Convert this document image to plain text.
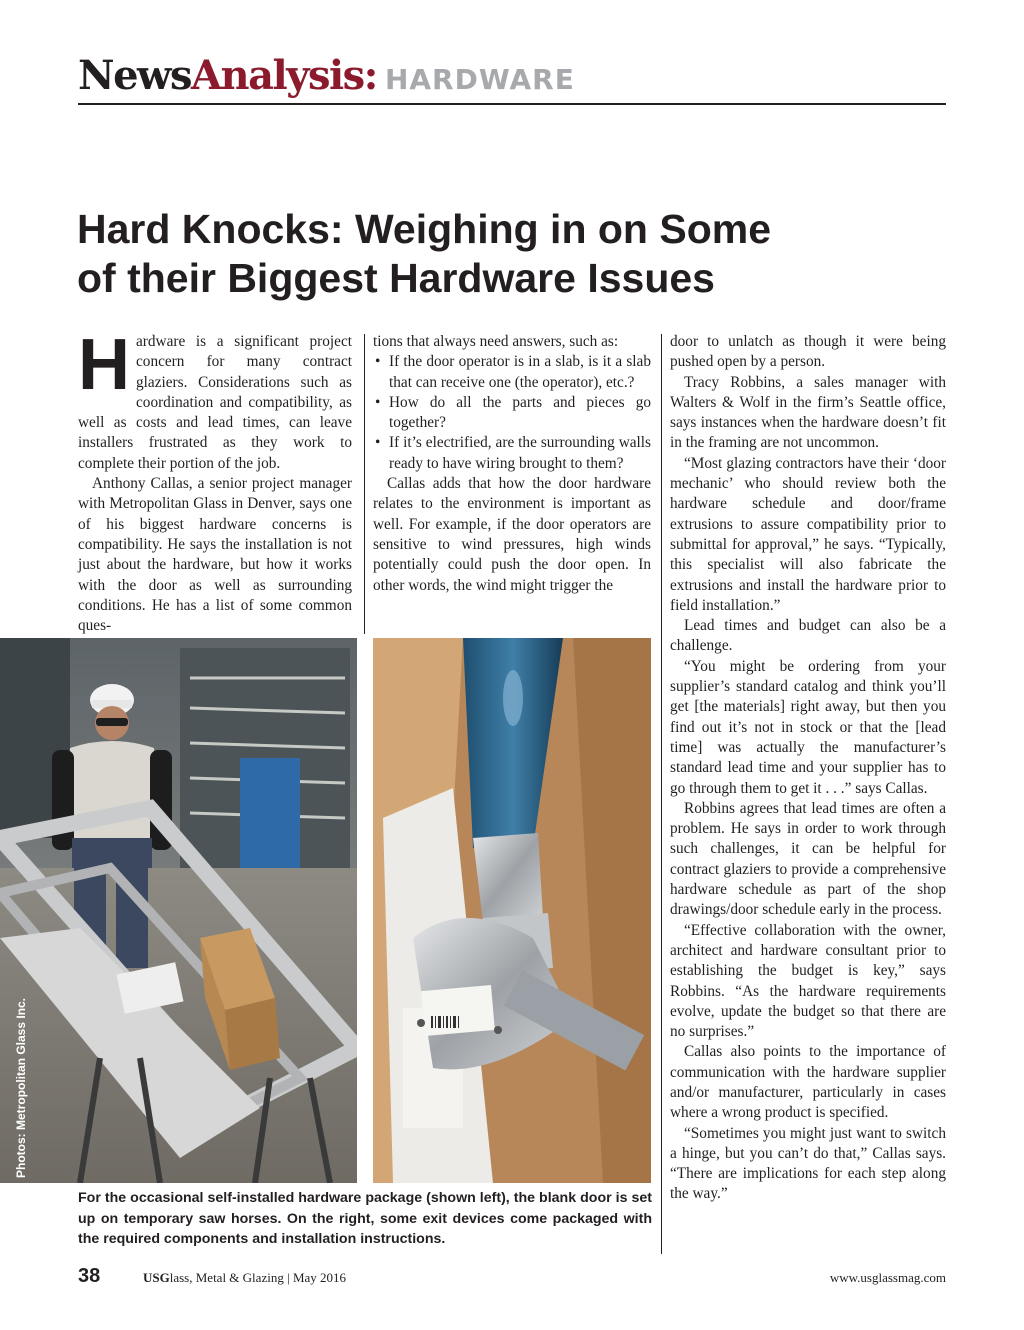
NewsAnalysis: HARDWARE
Hard Knocks: Weighing in on Some
of their Biggest Hardware Issues

Hardware is a significant project concern for many contract glaziers. Considerations such as coordination and compatibility, as well as costs and lead times, can leave installers frustrated as they work to complete their portion of the job.

Anthony Callas, a senior project manager with Metropolitan Glass in Denver, says one of his biggest hardware concerns is compatibility. He says the installation is not just about the hardware, but how it works with the door as well as surrounding conditions. He has a list of some common ques-

tions that always need answers, such as:

• If the door operator is in a slab, is it a slab that can receive one (the operator), etc.?
• How do all the parts and pieces go together?
• If it’s electrified, are the surrounding walls ready to have wiring brought to them?

Callas adds that how the door hardware relates to the environment is important as well. For example, if the door operators are sensitive to wind pressures, high winds potentially could push the door open. In other words, the wind might trigger the

door to unlatch as though it were being pushed open by a person.

Tracy Robbins, a sales manager with Walters & Wolf in the firm’s Seattle office, says instances when the hardware doesn’t fit in the framing are not uncommon.

“Most glazing contractors have their ‘door mechanic’ who should review both the hardware schedule and door/frame extrusions to assure compatibility prior to submittal for approval,” he says. “Typically, this specialist will also fabricate the extrusions and install the hardware prior to field installation.”

Lead times and budget can also be a challenge.

“You might be ordering from your supplier’s standard catalog and think you’ll get [the materials] right away, but then you find out it’s not in stock or that the [lead time] was actually the manufacturer’s standard lead time and your supplier has to go through them to get it . . .” says Callas.

Robbins agrees that lead times are often a problem. He says in order to work through such challenges, it can be helpful for contract glaziers to provide a comprehensive hardware schedule as part of the shop drawings/door schedule early in the process.

“Effective collaboration with the owner, architect and hardware consultant prior to establishing the budget is key,” says Robbins. “As the hardware requirements evolve, update the budget so that there are no surprises.”

Callas also points to the importance of communication with the hardware supplier and/or manufacturer, particularly in cases where a wrong product is specified.

“Sometimes you might just want to switch a hinge, but you can’t do that,” Callas says. “There are implications for each step along the way.”

Photos: Metropolitan Glass Inc.
For the occasional self-installed hardware package (shown left), the blank door is set up on temporary saw horses. On the right, some exit devices come packaged with the required components and installation instructions.
38	USGlass, Metal & Glazing | May 2016	www.usglassmag.com
